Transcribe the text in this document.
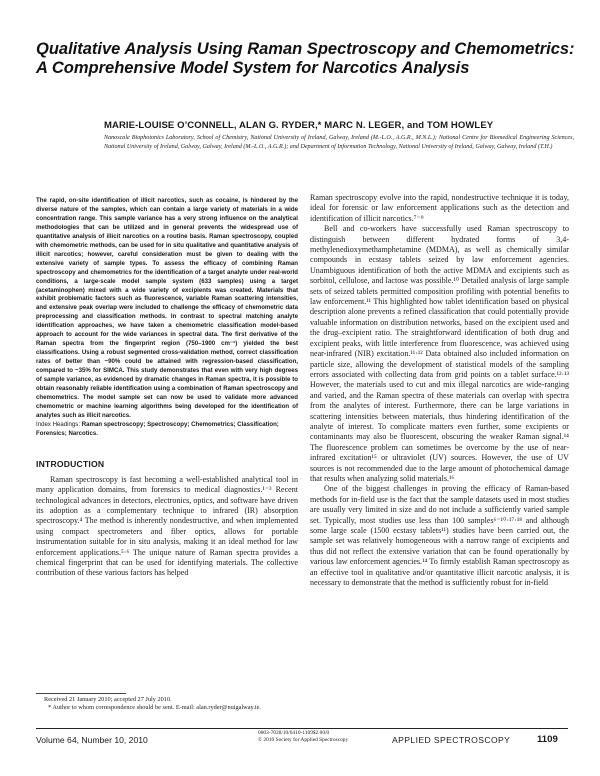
Qualitative Analysis Using Raman Spectroscopy and Chemometrics: A Comprehensive Model System for Narcotics Analysis
MARIE-LOUISE O’CONNELL, ALAN G. RYDER,* MARC N. LEGER, and TOM HOWLEY
Nanoscale Biophotonics Laboratory, School of Chemistry, National University of Ireland, Galway, Ireland (M.-L.O., A.G.R., M.N.L.); National Centre for Biomedical Engineering Sciences, National University of Ireland, Galway, Galway, Ireland (M.-L.O., A.G.R.); and Department of Information Technology, National University of Ireland, Galway, Galway, Ireland (T.H.)

The rapid, on-site identification of illicit narcotics, such as cocaine, is hindered by the diverse nature of the samples, which can contain a large variety of materials in a wide concentration range. This sample variance has a very strong influence on the analytical methodologies that can be utilized and in general prevents the widespread use of quantitative analysis of illicit narcotics on a routine basis. Raman spectroscopy, coupled with chemometric methods, can be used for in situ qualitative and quantitative analysis of illicit narcotics; however, careful consideration must be given to dealing with the extensive variety of sample types. To assess the efficacy of combining Raman spectroscopy and chemometrics for the identification of a target analyte under real-world conditions, a large-scale model sample system (633 samples) using a target (acetaminophen) mixed with a wide variety of excipients was created. Materials that exhibit problematic factors such as fluorescence, variable Raman scattering intensities, and extensive peak overlap were included to challenge the efficacy of chemometric data preprocessing and classification methods. In contrast to spectral matching analyte identification approaches, we have taken a chemometric classification model-based approach to account for the wide variances in spectral data. The first derivative of the Raman spectra from the fingerprint region (750–1900 cm⁻¹) yielded the best classifications. Using a robust segmented cross-validation method, correct classification rates of better than ~90% could be attained with regression-based classification, compared to ~35% for SIMCA. This study demonstrates that even with very high degrees of sample variance, as evidenced by dramatic changes in Raman spectra, it is possible to obtain reasonably reliable identification using a combination of Raman spectroscopy and chemometrics. The model sample set can now be used to validate more advanced chemometric or machine learning algorithms being developed for the identification of analytes such as illicit narcotics.

Index Headings: Raman spectroscopy; Spectroscopy; Chemometrics; Classification; Forensics; Narcotics.

INTRODUCTION

Raman spectroscopy is fast becoming a well-established analytical tool in many application domains, from forensics to medical diagnostics.¹⁻³ Recent technological advances in detectors, electronics, optics, and software have driven its adoption as a complementary technique to infrared (IR) absorption spectroscopy.⁴ The method is inherently nondestructive, and when implemented using compact spectrometers and fiber optics, allows for portable instrumentation suitable for in situ analysis, making it an ideal method for law enforcement applications.⁵·⁶ The unique nature of Raman spectra provides a chemical fingerprint that can be used for identifying materials. The collective contribution of these various factors has helped

Raman spectroscopy evolve into the rapid, nondestructive technique it is today, ideal for forensic or law enforcement applications such as the detection and identification of illicit narcotics.⁷⁻⁹

Bell and co-workers have successfully used Raman spectroscopy to distinguish between different hydrated forms of 3,4-methylenedioxymethamphetamine (MDMA), as well as chemically similar compounds in ecstasy tablets seized by law enforcement agencies. Unambiguous identification of both the active MDMA and excipients such as sorbitol, cellulose, and lactose was possible.¹⁰ Detailed analysis of large sample sets of seized tablets permitted composition profiling with potential benefits to law enforcement.¹¹ This highlighted how tablet identification based on physical description alone prevents a refined classification that could potentially provide valuable information on distribution networks, based on the excipient used and the drug–excipient ratio. The straightforward identification of both drug and excipient peaks, with little interference from fluorescence, was achieved using near-infrared (NIR) excitation.¹¹·¹² Data obtained also included information on particle size, allowing the development of statistical models of the sampling errors associated with collecting data from grid points on a tablet surface.¹²·¹³ However, the materials used to cut and mix illegal narcotics are wide-ranging and varied, and the Raman spectra of these materials can overlap with spectra from the analytes of interest. Furthermore, there can be large variations in scattering intensities between materials, thus hindering identification of the analyte of interest. To complicate matters even further, some excipients or contaminants may also be fluorescent, obscuring the weaker Raman signal.¹⁴ The fluorescence problem can sometimes be overcome by the use of near-infrared excitation¹⁵ or ultraviolet (UV) sources. However, the use of UV sources is not recommended due to the large amount of photochemical damage that results when analyzing solid materials.¹⁶

One of the biggest challenges in proving the efficacy of Raman-based methods for in-field use is the fact that the sample datasets used in most studies are usually very limited in size and do not include a sufficiently varied sample set. Typically, most studies use less than 100 samples⁶⁻¹⁰·¹⁷·¹⁸ and although some large scale (1500 ecstasy tablets¹¹) studies have been carried out, the sample set was relatively homogeneous with a narrow range of excipients and thus did not reflect the extensive variation that can be found operationally by various law enforcement agencies.¹⁴ To firmly establish Raman spectroscopy as an effective tool in qualitative and/or quantitative illicit narcotic analysis, it is necessary to demonstrate that the method is sufficiently robust for in-field

Received 21 January 2010; accepted 27 July 2010.

* Author to whom correspondence should be sent. E-mail: alan.ryder@nuigalway.ie.

Volume 64, Number 10, 2010
0003-7028/10/6410-1109$2.00/0
© 2010 Society for Applied Spectroscopy	APPLIED SPECTROSCOPY	1109
